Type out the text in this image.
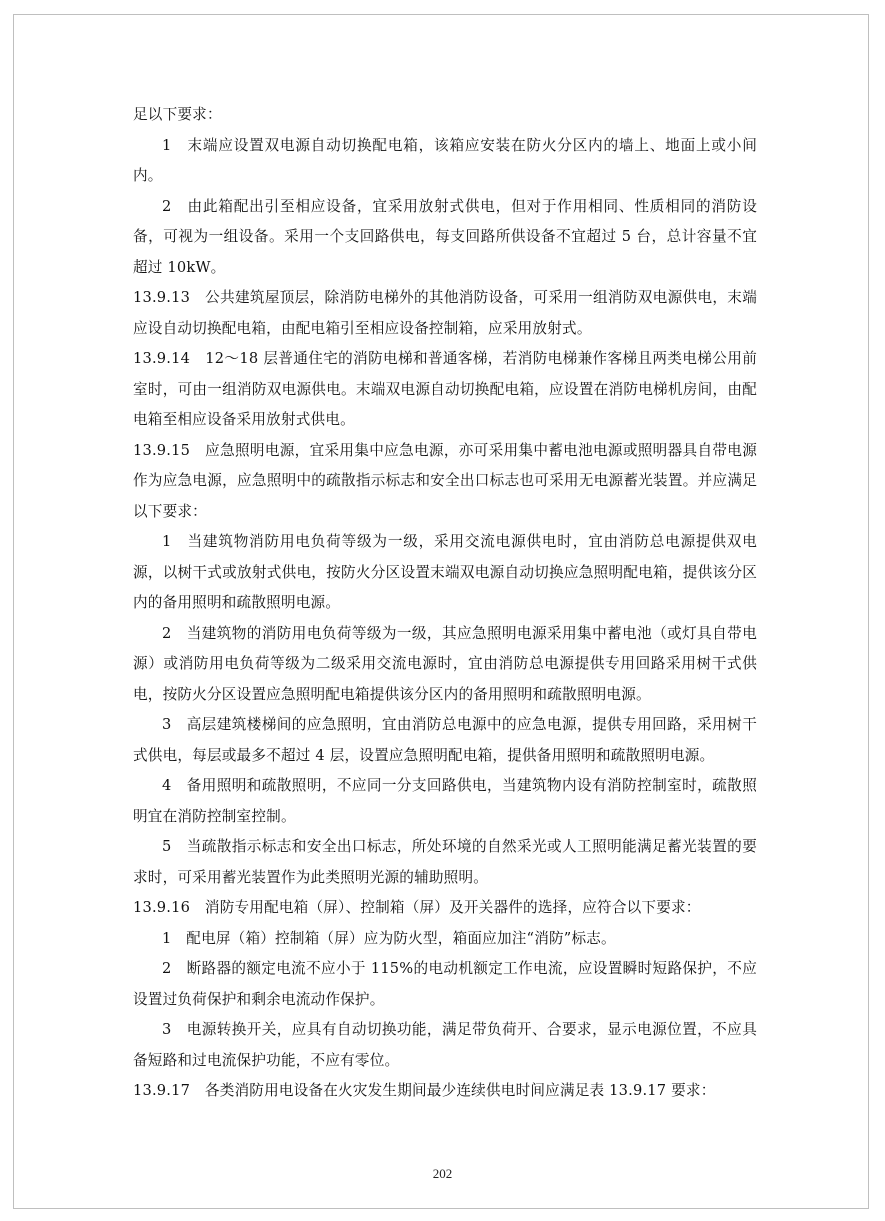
足以下要求：

1　末端应设置双电源自动切换配电箱，该箱应安装在防火分区内的墙上、地面上或小间内。

2　由此箱配出引至相应设备，宜采用放射式供电，但对于作用相同、性质相同的消防设备，可视为一组设备。采用一个支回路供电，每支回路所供设备不宜超过 5 台，总计容量不宜超过 10kW。

13.9.13　公共建筑屋顶层，除消防电梯外的其他消防设备，可采用一组消防双电源供电，末端应设自动切换配电箱，由配电箱引至相应设备控制箱，应采用放射式。

13.9.14　12～18 层普通住宅的消防电梯和普通客梯，若消防电梯兼作客梯且两类电梯公用前室时，可由一组消防双电源供电。末端双电源自动切换配电箱，应设置在消防电梯机房间，由配电箱至相应设备采用放射式供电。

13.9.15　应急照明电源，宜采用集中应急电源，亦可采用集中蓄电池电源或照明器具自带电源作为应急电源，应急照明中的疏散指示标志和安全出口标志也可采用无电源蓄光装置。并应满足以下要求：

1　当建筑物消防用电负荷等级为一级，采用交流电源供电时，宜由消防总电源提供双电源，以树干式或放射式供电，按防火分区设置末端双电源自动切换应急照明配电箱，提供该分区内的备用照明和疏散照明电源。

2　当建筑物的消防用电负荷等级为一级，其应急照明电源采用集中蓄电池（或灯具自带电源）或消防用电负荷等级为二级采用交流电源时，宜由消防总电源提供专用回路采用树干式供电，按防火分区设置应急照明配电箱提供该分区内的备用照明和疏散照明电源。

3　高层建筑楼梯间的应急照明，宜由消防总电源中的应急电源，提供专用回路，采用树干式供电，每层或最多不超过 4 层，设置应急照明配电箱，提供备用照明和疏散照明电源。

4　备用照明和疏散照明，不应同一分支回路供电，当建筑物内设有消防控制室时，疏散照明宜在消防控制室控制。

5　当疏散指示标志和安全出口标志，所处环境的自然采光或人工照明能满足蓄光装置的要求时，可采用蓄光装置作为此类照明光源的辅助照明。

13.9.16　消防专用配电箱（屏）、控制箱（屏）及开关器件的选择，应符合以下要求：

1　配电屏（箱）控制箱（屏）应为防火型，箱面应加注“消防”标志。

2　断路器的额定电流不应小于 115%的电动机额定工作电流，应设置瞬时短路保护，不应设置过负荷保护和剩余电流动作保护。

3　电源转换开关，应具有自动切换功能，满足带负荷开、合要求，显示电源位置，不应具备短路和过电流保护功能，不应有零位。

13.9.17　各类消防用电设备在火灾发生期间最少连续供电时间应满足表 13.9.17 要求：

202
